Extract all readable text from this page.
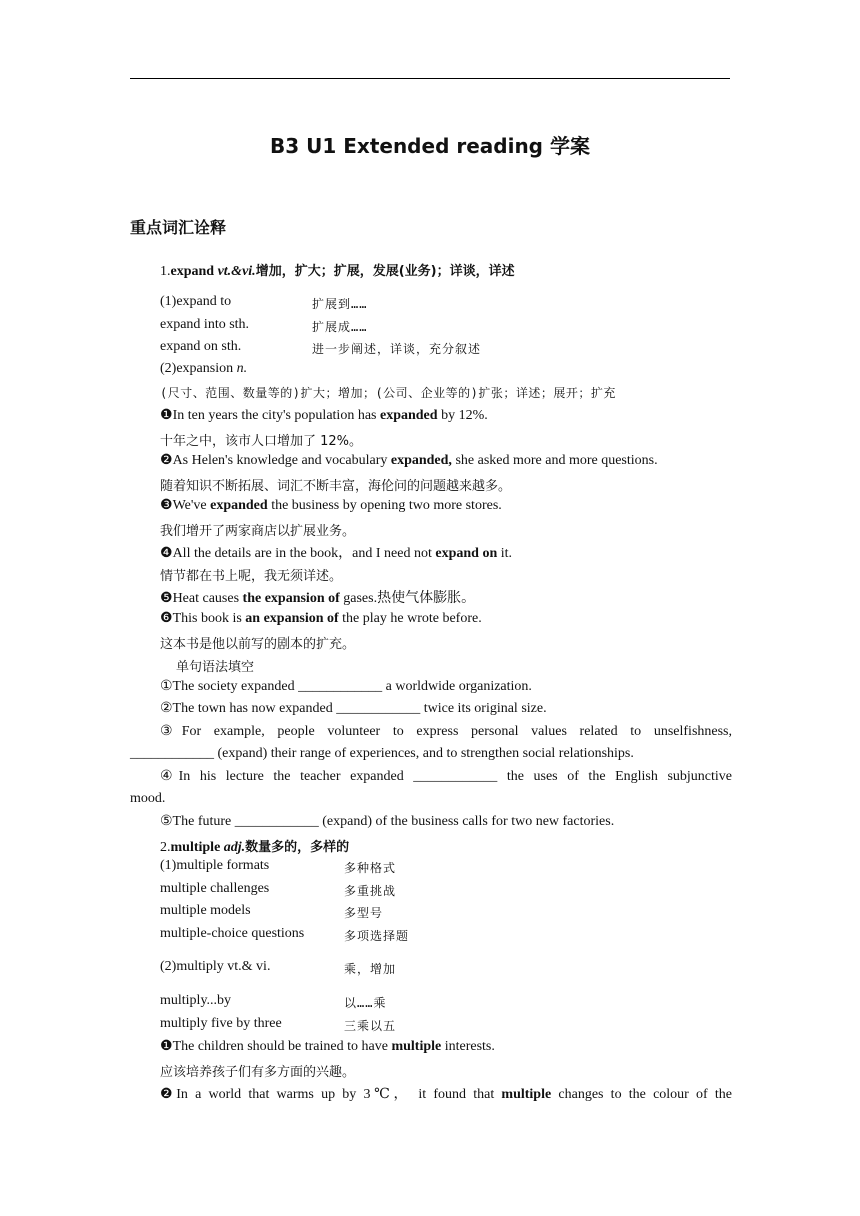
B3 U1 Extended reading 学案
重点词汇诠释
1.expand vt.&vi.增加，扩大；扩展，发展(业务)；详谈，详述
(1)expand to	扩展到……
expand into sth.	扩展成……
expand on sth.	进一步阐述，详谈，充分叙述
(2)expansion n.
(尺寸、范围、数量等的)扩大；增加；(公司、企业等的)扩张；详述；展开；扩充
❶In ten years the city's population has expanded by 12%.
十年之中，该市人口增加了 12%。
❷As Helen's knowledge and vocabulary expanded, she asked more and more questions.
随着知识不断拓展、词汇不断丰富，海伦问的问题越来越多。
❸We've expanded the business by opening two more stores.
我们增开了两家商店以扩展业务。
❹All the details are in the book，and I need not expand on it.
情节都在书上呢，我无须详述。
❺Heat causes the expansion of gases.热使气体膨胀。
❻This book is an expansion of the play he wrote before.
这本书是他以前写的剧本的扩充。
单句语法填空
①The society expanded ____________ a worldwide organization.
②The town has now expanded ____________ twice its original size.
③For example, people volunteer to express personal values related to unselfishness,
____________ (expand) their range of experiences, and to strengthen social relationships.
④In his lecture the teacher expanded ____________ the uses of the English subjunctive
mood.
⑤The future ____________ (expand) of the business calls for two new factories.
2.multiple adj.数量多的，多样的
(1)multiple formats	多种格式
multiple challenges	多重挑战
multiple models	多型号
multiple-choice questions	多项选择题
(2)multiply vt.& vi.	乘，增加
multiply...by	以……乘
multiply five by three	三乘以五
❶The children should be trained to have multiple interests.
应该培养孩子们有多方面的兴趣。
❷In a world that warms up by 3℃， it found that multiple changes to the colour of the
